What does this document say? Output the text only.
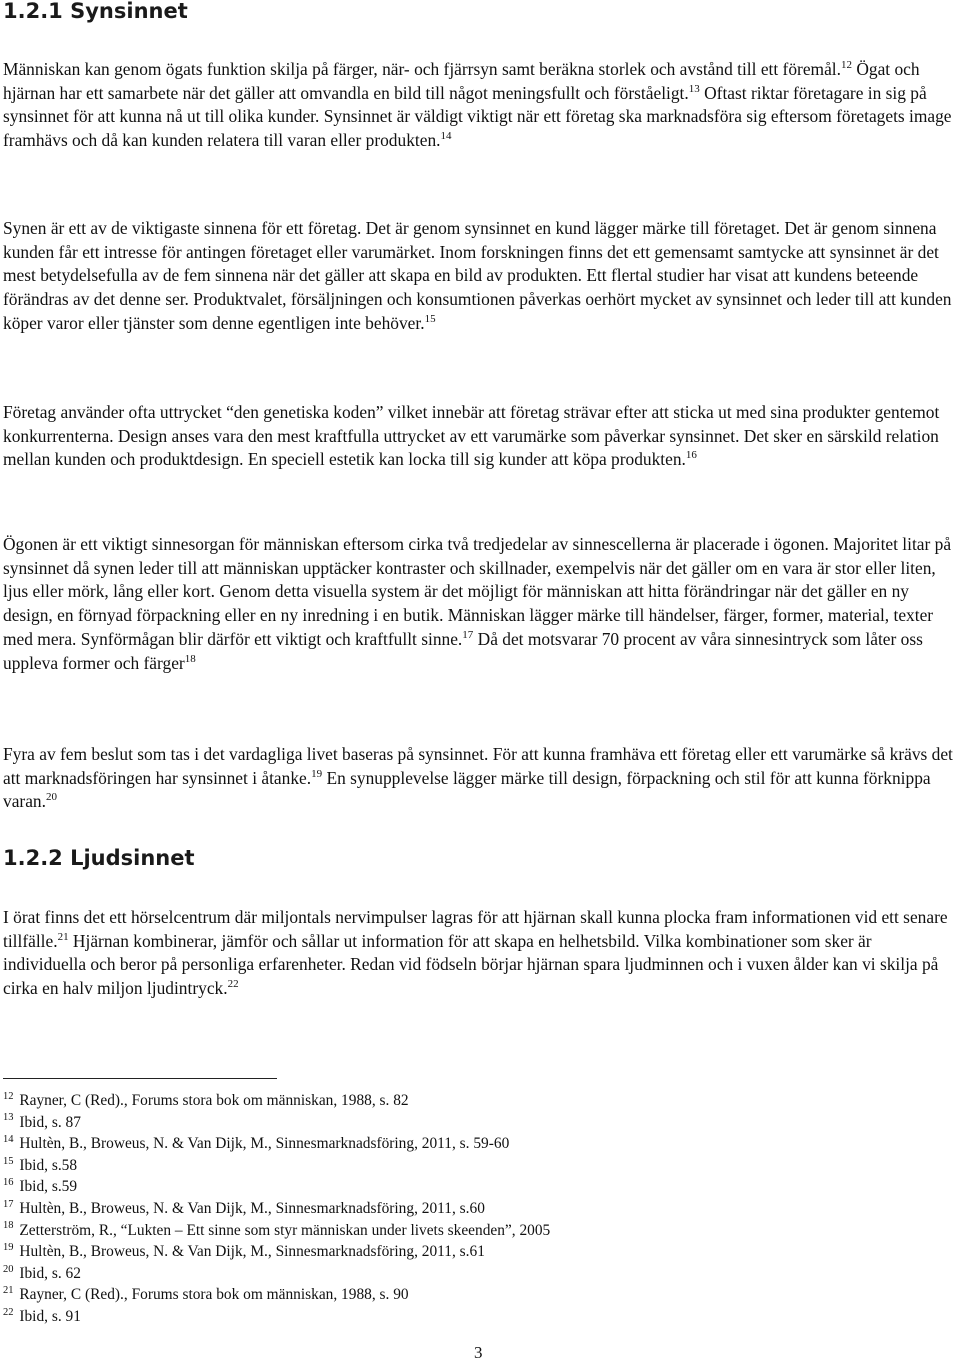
1.2.1 Synsinnet

Människan kan genom ögats funktion skilja på färger, när- och fjärrsyn samt beräkna storlek och avstånd till ett föremål.$^{12}$ Ögat och hjärnan har ett samarbete när det gäller att omvandla en bild till något meningsfullt och förståeligt.$^{13}$ Oftast riktar företagare in sig på synsinnet för att kunna nå ut till olika kunder. Synsinnet är väldigt viktigt när ett företag ska marknadsföra sig eftersom företagets image framhävs och då kan kunden relatera till varan eller produkten.$^{14}$

Synen är ett av de viktigaste sinnena för ett företag. Det är genom synsinnet en kund lägger märke till företaget. Det är genom sinnena kunden får ett intresse för antingen företaget eller varumärket. Inom forskningen finns det ett gemensamt samtycke att synsinnet är det mest betydelsefulla av de fem sinnena när det gäller att skapa en bild av produkten. Ett flertal studier har visat att kundens beteende förändras av det denne ser. Produktvalet, försäljningen och konsumtionen påverkas oerhört mycket av synsinnet och leder till att kunden köper varor eller tjänster som denne egentligen inte behöver.$^{15}$

Företag använder ofta uttrycket “den genetiska koden” vilket innebär att företag strävar efter att sticka ut med sina produkter gentemot konkurrenterna. Design anses vara den mest kraftfulla uttrycket av ett varumärke som påverkar synsinnet. Det sker en särskild relation mellan kunden och produktdesign. En speciell estetik kan locka till sig kunder att köpa produkten.$^{16}$

Ögonen är ett viktigt sinnesorgan för människan eftersom cirka två tredjedelar av sinnescellerna är placerade i ögonen. Majoritet litar på synsinnet då synen leder till att människan upptäcker kontraster och skillnader, exempelvis när det gäller om en vara är stor eller liten, ljus eller mörk, lång eller kort. Genom detta visuella system är det möjligt för människan att hitta förändringar när det gäller en ny design, en förnyad förpackning eller en ny inredning i en butik. Människan lägger märke till händelser, färger, former, material, texter med mera. Synförmågan blir därför ett viktigt och kraftfullt sinne.$^{17}$ Då det motsvarar 70 procent av våra sinnesintryck som låter oss uppleva former och färger$^{18}$

Fyra av fem beslut som tas i det vardagliga livet baseras på synsinnet. För att kunna framhäva ett företag eller ett varumärke så krävs det att marknadsföringen har synsinnet i åtanke.$^{19}$ En synupplevelse lägger märke till design, förpackning och stil för att kunna förknippa varan.$^{20}$

1.2.2 Ljudsinnet

I örat finns det ett hörselcentrum där miljontals nervimpulser lagras för att hjärnan skall kunna plocka fram informationen vid ett senare tillfälle.$^{21}$ Hjärnan kombinerar, jämför och sållar ut information för att skapa en helhetsbild. Vilka kombinationer som sker är individuella och beror på personliga erfarenheter. Redan vid födseln börjar hjärnan spara ljudminnen och i vuxen ålder kan vi skilja på cirka en halv miljon ljudintryck.$^{22}$

$^{12}$ Rayner, C (Red)., Forums stora bok om människan, 1988, s. 82

$^{13}$ Ibid, s. 87

$^{14}$ Hultèn, B., Broweus, N. & Van Dijk, M., Sinnesmarknadsföring, 2011, s. 59-60

$^{15}$ Ibid, s.58

$^{16}$ Ibid, s.59

$^{17}$ Hultèn, B., Broweus, N. & Van Dijk, M., Sinnesmarknadsföring, 2011, s.60

$^{18}$ Zetterström, R., “Lukten – Ett sinne som styr människan under livets skeenden”, 2005

$^{19}$ Hultèn, B., Broweus, N. & Van Dijk, M., Sinnesmarknadsföring, 2011, s.61

$^{20}$ Ibid, s. 62

$^{21}$ Rayner, C (Red)., Forums stora bok om människan, 1988, s. 90

$^{22}$ Ibid, s. 91

3
